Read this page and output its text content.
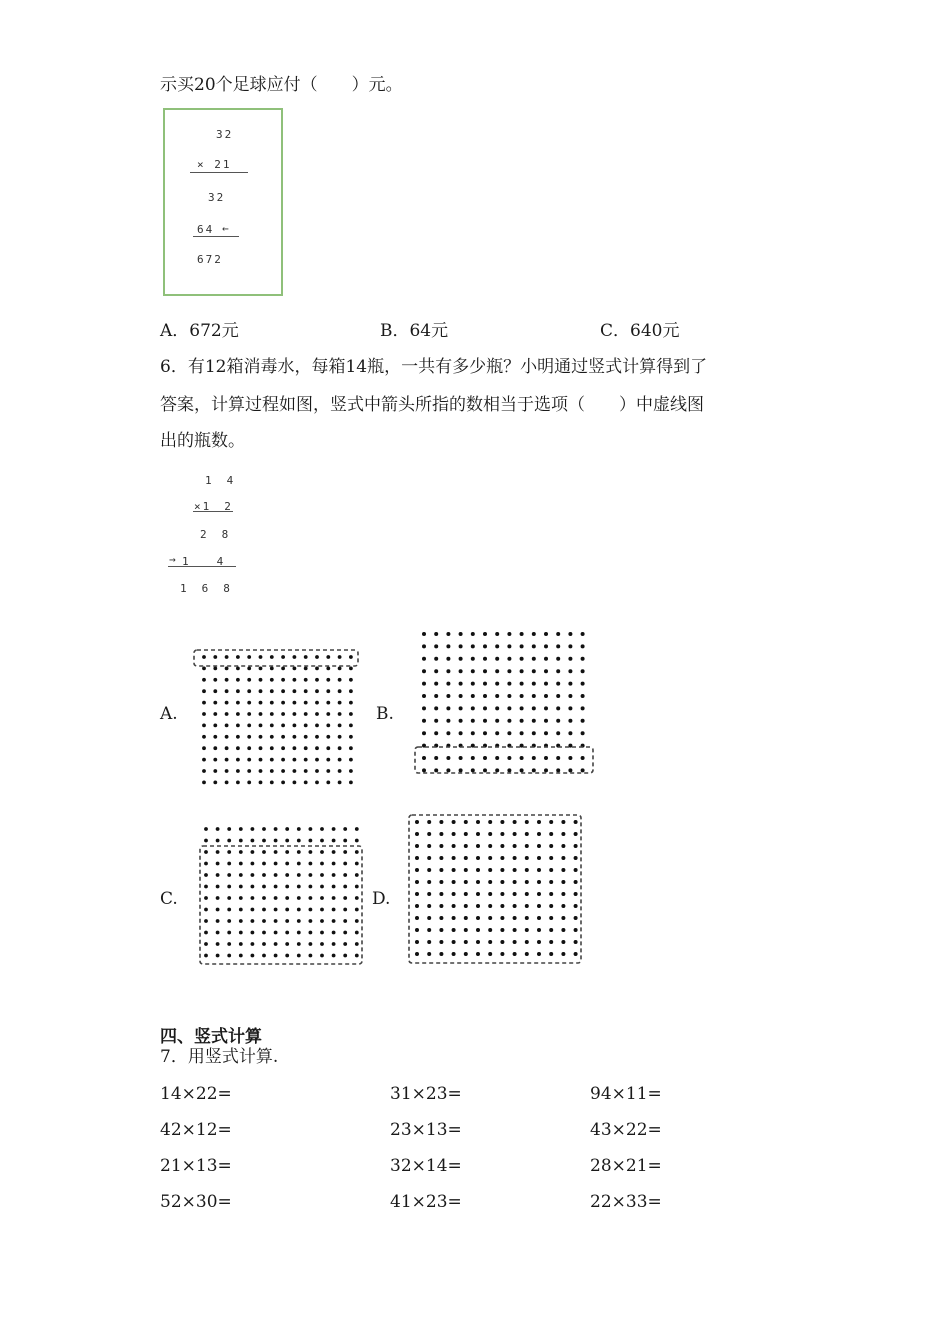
示买20个足球应付（　　）元。
32
× 21
32
64 ←
672
A．672元	B．64元	C．640元
6．有12箱消毒水，每箱14瓶，一共有多少瓶？小明通过竖式计算得到了
答案，计算过程如图，竖式中箭头所指的数相当于选项（　　）中虚线图
出的瓶数。
1　4
×1　2
2　8
→ 1　　4
1　6　8
A.	B.
C.	D.
四、竖式计算
7．用竖式计算.
14×22=	31×23=	94×11=
42×12=	23×13=	43×22=
21×13=	32×14=	28×21=
52×30=	41×23=	22×33=
